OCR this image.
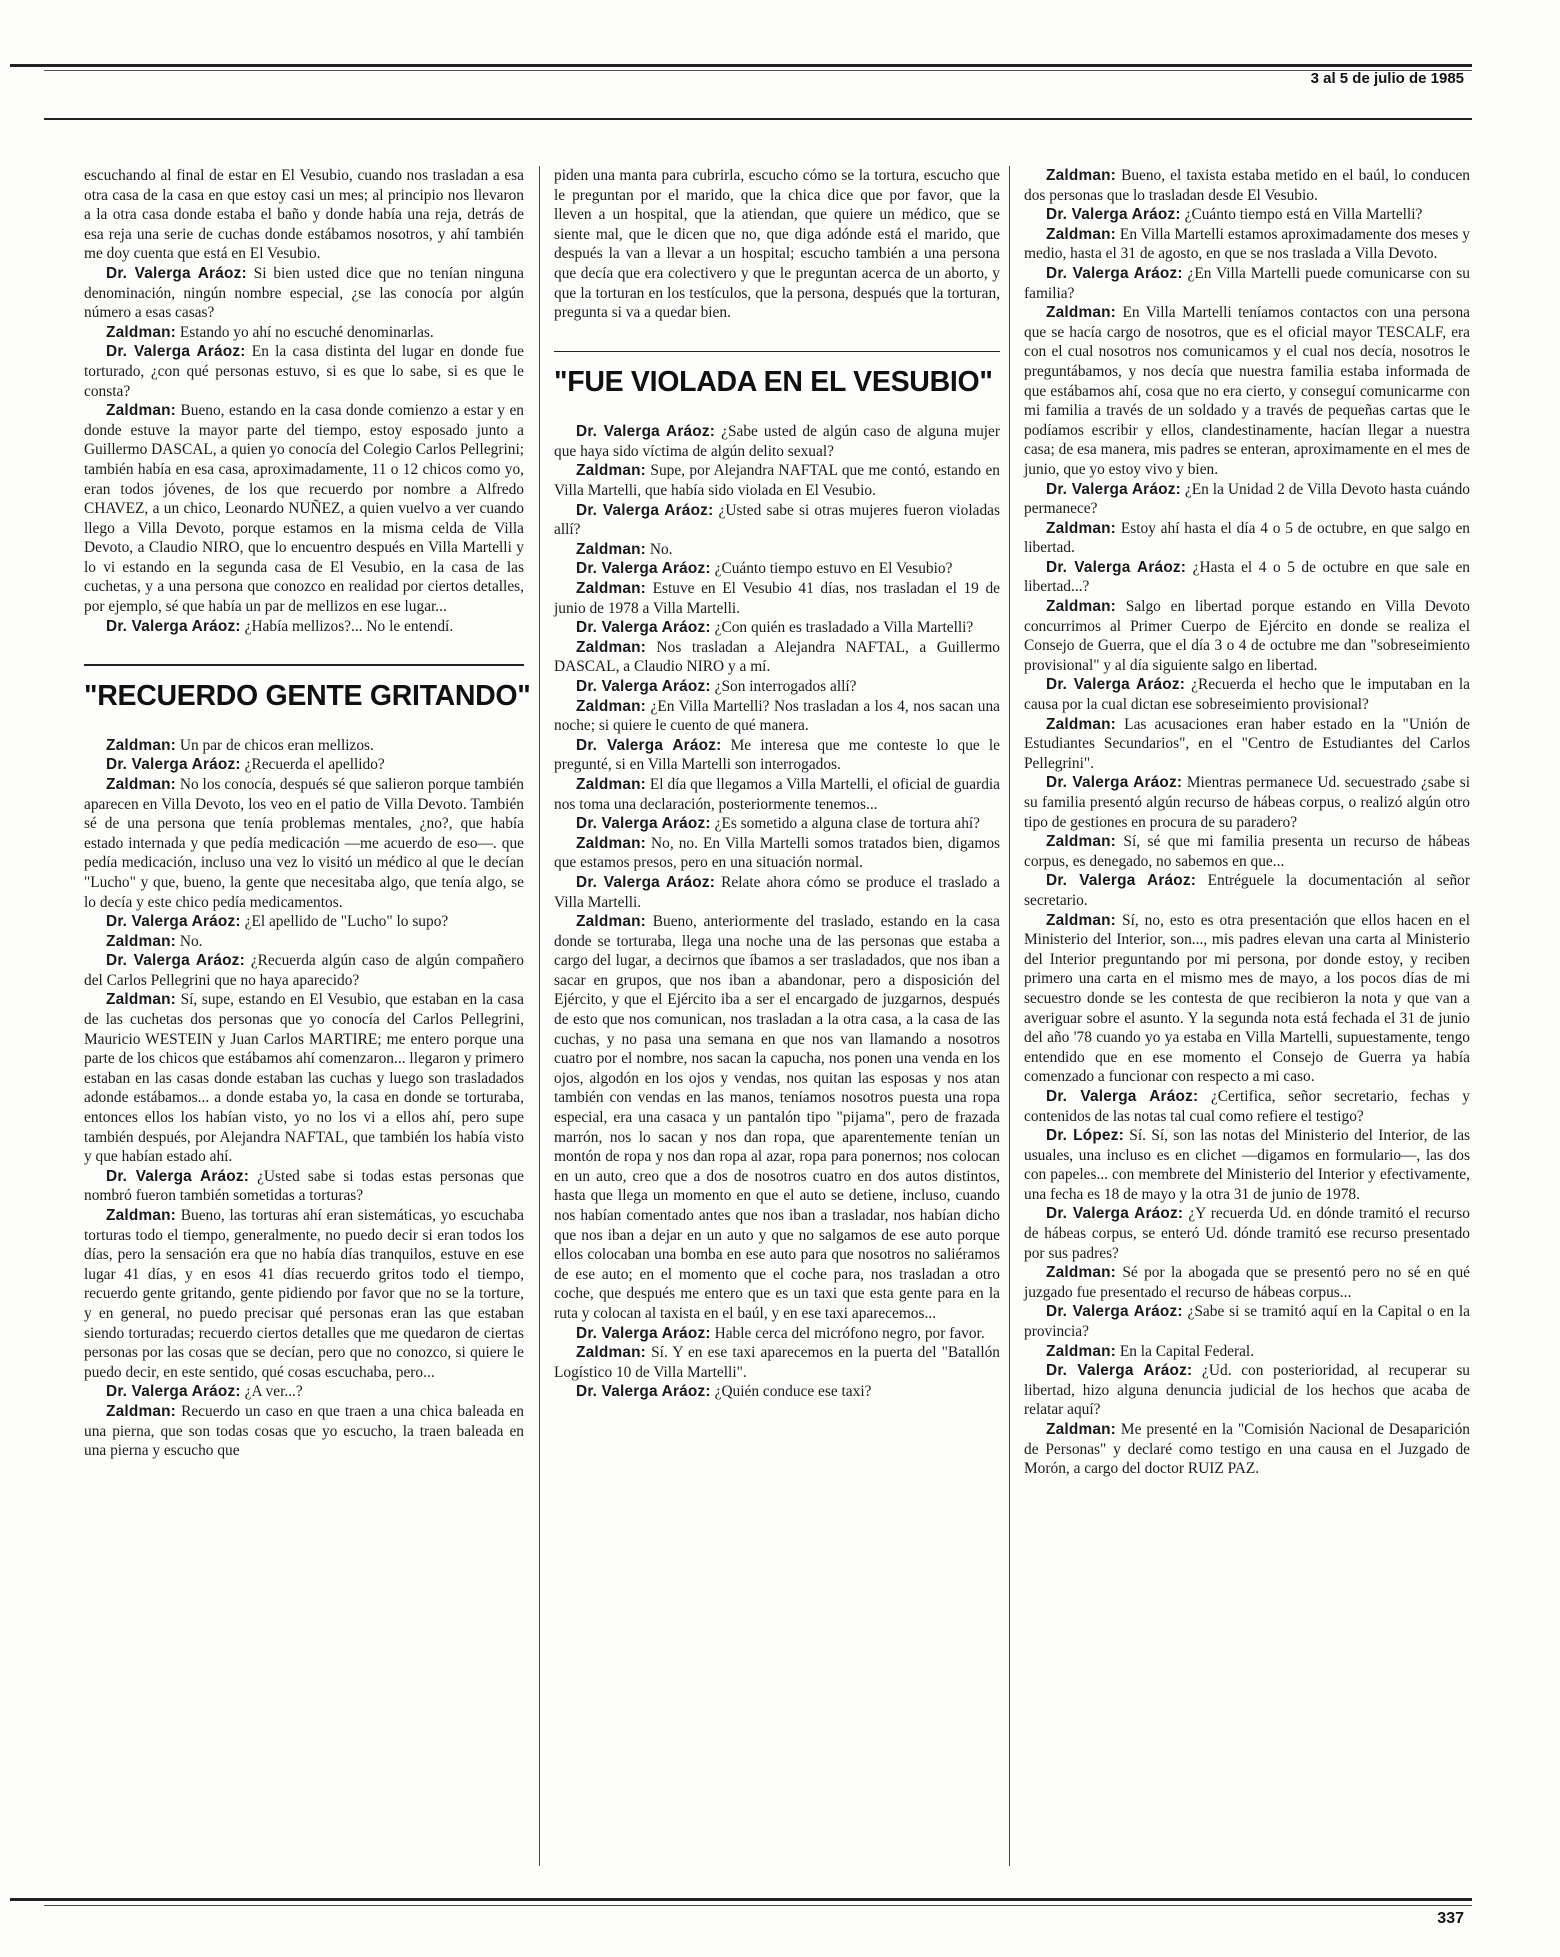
3 al 5 de julio de 1985

escuchando al final de estar en El Vesubio, cuando nos trasladan a esa otra casa de la casa en que estoy casi un mes; al principio nos llevaron a la otra casa donde estaba el baño y donde había una reja, detrás de esa reja una serie de cuchas donde estábamos nosotros, y ahí también me doy cuenta que está en El Vesubio.

Dr. Valerga Aráoz: Si bien usted dice que no tenían ninguna denominación, ningún nombre especial, ¿se las conocía por algún número a esas casas?

Zaldman: Estando yo ahí no escuché denominarlas.

Dr. Valerga Aráoz: En la casa distinta del lugar en donde fue torturado, ¿con qué personas estuvo, si es que lo sabe, si es que le consta?

Zaldman: Bueno, estando en la casa donde comienzo a estar y en donde estuve la mayor parte del tiempo, estoy esposado junto a Guillermo DASCAL, a quien yo conocía del Colegio Carlos Pellegrini; también había en esa casa, aproximadamente, 11 o 12 chicos como yo, eran todos jóvenes, de los que recuerdo por nombre a Alfredo CHAVEZ, a un chico, Leonardo NUÑEZ, a quien vuelvo a ver cuando llego a Villa Devoto, porque estamos en la misma celda de Villa Devoto, a Claudio NIRO, que lo encuentro después en Villa Martelli y lo vi estando en la segunda casa de El Vesubio, en la casa de las cuchetas, y a una persona que conozco en realidad por ciertos detalles, por ejemplo, sé que había un par de mellizos en ese lugar...

Dr. Valerga Aráoz: ¿Había mellizos?... No le entendí.

"RECUERDO GENTE GRITANDO"

Zaldman: Un par de chicos eran mellizos.

Dr. Valerga Aráoz: ¿Recuerda el apellido?

Zaldman: No los conocía, después sé que salieron porque también aparecen en Villa Devoto, los veo en el patio de Villa Devoto. También sé de una persona que tenía problemas mentales, ¿no?, que había estado internada y que pedía medicación —me acuerdo de eso—. que pedía medicación, incluso una vez lo visitó un médico al que le decían "Lucho" y que, bueno, la gente que necesitaba algo, que tenía algo, se lo decía y este chico pedía medicamentos.

Dr. Valerga Aráoz: ¿El apellido de "Lucho" lo supo?

Zaldman: No.

Dr. Valerga Aráoz: ¿Recuerda algún caso de algún compañero del Carlos Pellegrini que no haya aparecido?

Zaldman: Sí, supe, estando en El Vesubio, que estaban en la casa de las cuchetas dos personas que yo conocía del Carlos Pellegrini, Mauricio WESTEIN y Juan Carlos MARTIRE; me entero porque una parte de los chicos que estábamos ahí comenzaron... llegaron y primero estaban en las casas donde estaban las cuchas y luego son trasladados adonde estábamos... a donde estaba yo, la casa en donde se torturaba, entonces ellos los habían visto, yo no los vi a ellos ahí, pero supe también después, por Alejandra NAFTAL, que también los había visto y que habían estado ahí.

Dr. Valerga Aráoz: ¿Usted sabe si todas estas personas que nombró fueron también sometidas a torturas?

Zaldman: Bueno, las torturas ahí eran sistemáticas, yo escuchaba torturas todo el tiempo, generalmente, no puedo decir si eran todos los días, pero la sensación era que no había días tranquilos, estuve en ese lugar 41 días, y en esos 41 días recuerdo gritos todo el tiempo, recuerdo gente gritando, gente pidiendo por favor que no se la torture, y en general, no puedo precisar qué personas eran las que estaban siendo torturadas; recuerdo ciertos detalles que me quedaron de ciertas personas por las cosas que se decían, pero que no conozco, si quiere le puedo decir, en este sentido, qué cosas escuchaba, pero...

Dr. Valerga Aráoz: ¿A ver...?

Zaldman: Recuerdo un caso en que traen a una chica baleada en una pierna, que son todas cosas que yo escucho, la traen baleada en una pierna y escucho que

piden una manta para cubrirla, escucho cómo se la tortura, escucho que le preguntan por el marido, que la chica dice que por favor, que la lleven a un hospital, que la atiendan, que quiere un médico, que se siente mal, que le dicen que no, que diga adónde está el marido, que después la van a llevar a un hospital; escucho también a una persona que decía que era colectivero y que le preguntan acerca de un aborto, y que la torturan en los testículos, que la persona, después que la torturan, pregunta si va a quedar bien.

"FUE VIOLADA EN EL VESUBIO"

Dr. Valerga Aráoz: ¿Sabe usted de algún caso de alguna mujer que haya sido víctima de algún delito sexual?

Zaldman: Supe, por Alejandra NAFTAL que me contó, estando en Villa Martelli, que había sido violada en El Vesubio.

Dr. Valerga Aráoz: ¿Usted sabe si otras mujeres fueron violadas allí?

Zaldman: No.

Dr. Valerga Aráoz: ¿Cuánto tiempo estuvo en El Vesubio?

Zaldman: Estuve en El Vesubio 41 días, nos trasladan el 19 de junio de 1978 a Villa Martelli.

Dr. Valerga Aráoz: ¿Con quién es trasladado a Villa Martelli?

Zaldman: Nos trasladan a Alejandra NAFTAL, a Guillermo DASCAL, a Claudio NIRO y a mí.

Dr. Valerga Aráoz: ¿Son interrogados allí?

Zaldman: ¿En Villa Martelli? Nos trasladan a los 4, nos sacan una noche; si quiere le cuento de qué manera.

Dr. Valerga Aráoz: Me interesa que me conteste lo que le pregunté, si en Villa Martelli son interrogados.

Zaldman: El día que llegamos a Villa Martelli, el oficial de guardia nos toma una declaración, posteriormente tenemos...

Dr. Valerga Aráoz: ¿Es sometido a alguna clase de tortura ahí?

Zaldman: No, no. En Villa Martelli somos tratados bien, digamos que estamos presos, pero en una situación normal.

Dr. Valerga Aráoz: Relate ahora cómo se produce el traslado a Villa Martelli.

Zaldman: Bueno, anteriormente del traslado, estando en la casa donde se torturaba, llega una noche una de las personas que estaba a cargo del lugar, a decirnos que íbamos a ser trasladados, que nos iban a sacar en grupos, que nos iban a abandonar, pero a disposición del Ejército, y que el Ejército iba a ser el encargado de juzgarnos, después de esto que nos comunican, nos trasladan a la otra casa, a la casa de las cuchas, y no pasa una semana en que nos van llamando a nosotros cuatro por el nombre, nos sacan la capucha, nos ponen una venda en los ojos, algodón en los ojos y vendas, nos quitan las esposas y nos atan también con vendas en las manos, teníamos nosotros puesta una ropa especial, era una casaca y un pantalón tipo "pijama", pero de frazada marrón, nos lo sacan y nos dan ropa, que aparentemente tenían un montón de ropa y nos dan ropa al azar, ropa para ponernos; nos colocan en un auto, creo que a dos de nosotros cuatro en dos autos distintos, hasta que llega un momento en que el auto se detiene, incluso, cuando nos habían comentado antes que nos iban a trasladar, nos habían dicho que nos iban a dejar en un auto y que no salgamos de ese auto porque ellos colocaban una bomba en ese auto para que nosotros no saliéramos de ese auto; en el momento que el coche para, nos trasladan a otro coche, que después me entero que es un taxi que esta gente para en la ruta y colocan al taxista en el baúl, y en ese taxi aparecemos...

Dr. Valerga Aráoz: Hable cerca del micrófono negro, por favor.

Zaldman: Sí. Y en ese taxi aparecemos en la puerta del "Batallón Logístico 10 de Villa Martelli".

Dr. Valerga Aráoz: ¿Quién conduce ese taxi?

Zaldman: Bueno, el taxista estaba metido en el baúl, lo conducen dos personas que lo trasladan desde El Vesubio.

Dr. Valerga Aráoz: ¿Cuánto tiempo está en Villa Martelli?

Zaldman: En Villa Martelli estamos aproximadamente dos meses y medio, hasta el 31 de agosto, en que se nos traslada a Villa Devoto.

Dr. Valerga Aráoz: ¿En Villa Martelli puede comunicarse con su familia?

Zaldman: En Villa Martelli teníamos contactos con una persona que se hacía cargo de nosotros, que es el oficial mayor TESCALF, era con el cual nosotros nos comunicamos y el cual nos decía, nosotros le preguntábamos, y nos decía que nuestra familia estaba informada de que estábamos ahí, cosa que no era cierto, y conseguí comunicarme con mi familia a través de un soldado y a través de pequeñas cartas que le podíamos escribir y ellos, clandestinamente, hacían llegar a nuestra casa; de esa manera, mis padres se enteran, aproximamente en el mes de junio, que yo estoy vivo y bien.

Dr. Valerga Aráoz: ¿En la Unidad 2 de Villa Devoto hasta cuándo permanece?

Zaldman: Estoy ahí hasta el día 4 o 5 de octubre, en que salgo en libertad.

Dr. Valerga Aráoz: ¿Hasta el 4 o 5 de octubre en que sale en libertad...?

Zaldman: Salgo en libertad porque estando en Villa Devoto concurrimos al Primer Cuerpo de Ejército en donde se realiza el Consejo de Guerra, que el día 3 o 4 de octubre me dan "sobreseimiento provisional" y al día siguiente salgo en libertad.

Dr. Valerga Aráoz: ¿Recuerda el hecho que le imputaban en la causa por la cual dictan ese sobreseimiento provisional?

Zaldman: Las acusaciones eran haber estado en la "Unión de Estudiantes Secundarios", en el "Centro de Estudiantes del Carlos Pellegrini".

Dr. Valerga Aráoz: Mientras permanece Ud. secuestrado ¿sabe si su familia presentó algún recurso de hábeas corpus, o realizó algún otro tipo de gestiones en procura de su paradero?

Zaldman: Sí, sé que mi familia presenta un recurso de hábeas corpus, es denegado, no sabemos en que...

Dr. Valerga Aráoz: Entréguele la documentación al señor secretario.

Zaldman: Sí, no, esto es otra presentación que ellos hacen en el Ministerio del Interior, son..., mis padres elevan una carta al Ministerio del Interior preguntando por mi persona, por donde estoy, y reciben primero una carta en el mismo mes de mayo, a los pocos días de mi secuestro donde se les contesta de que recibieron la nota y que van a averiguar sobre el asunto. Y la segunda nota está fechada el 31 de junio del año '78 cuando yo ya estaba en Villa Martelli, supuestamente, tengo entendido que en ese momento el Consejo de Guerra ya había comenzado a funcionar con respecto a mi caso.

Dr. Valerga Aráoz: ¿Certifica, señor secretario, fechas y contenidos de las notas tal cual como refiere el testigo?

Dr. López: Sí. Sí, son las notas del Ministerio del Interior, de las usuales, una incluso es en clichet —digamos en formulario—, las dos con papeles... con membrete del Ministerio del Interior y efectivamente, una fecha es 18 de mayo y la otra 31 de junio de 1978.

Dr. Valerga Aráoz: ¿Y recuerda Ud. en dónde tramitó el recurso de hábeas corpus, se enteró Ud. dónde tramitó ese recurso presentado por sus padres?

Zaldman: Sé por la abogada que se presentó pero no sé en qué juzgado fue presentado el recurso de hábeas corpus...

Dr. Valerga Aráoz: ¿Sabe si se tramitó aquí en la Capital o en la provincia?

Zaldman: En la Capital Federal.

Dr. Valerga Aráoz: ¿Ud. con posterioridad, al recuperar su libertad, hizo alguna denuncia judicial de los hechos que acaba de relatar aquí?

Zaldman: Me presenté en la "Comisión Nacional de Desaparición de Personas" y declaré como testigo en una causa en el Juzgado de Morón, a cargo del doctor RUIZ PAZ.

337
